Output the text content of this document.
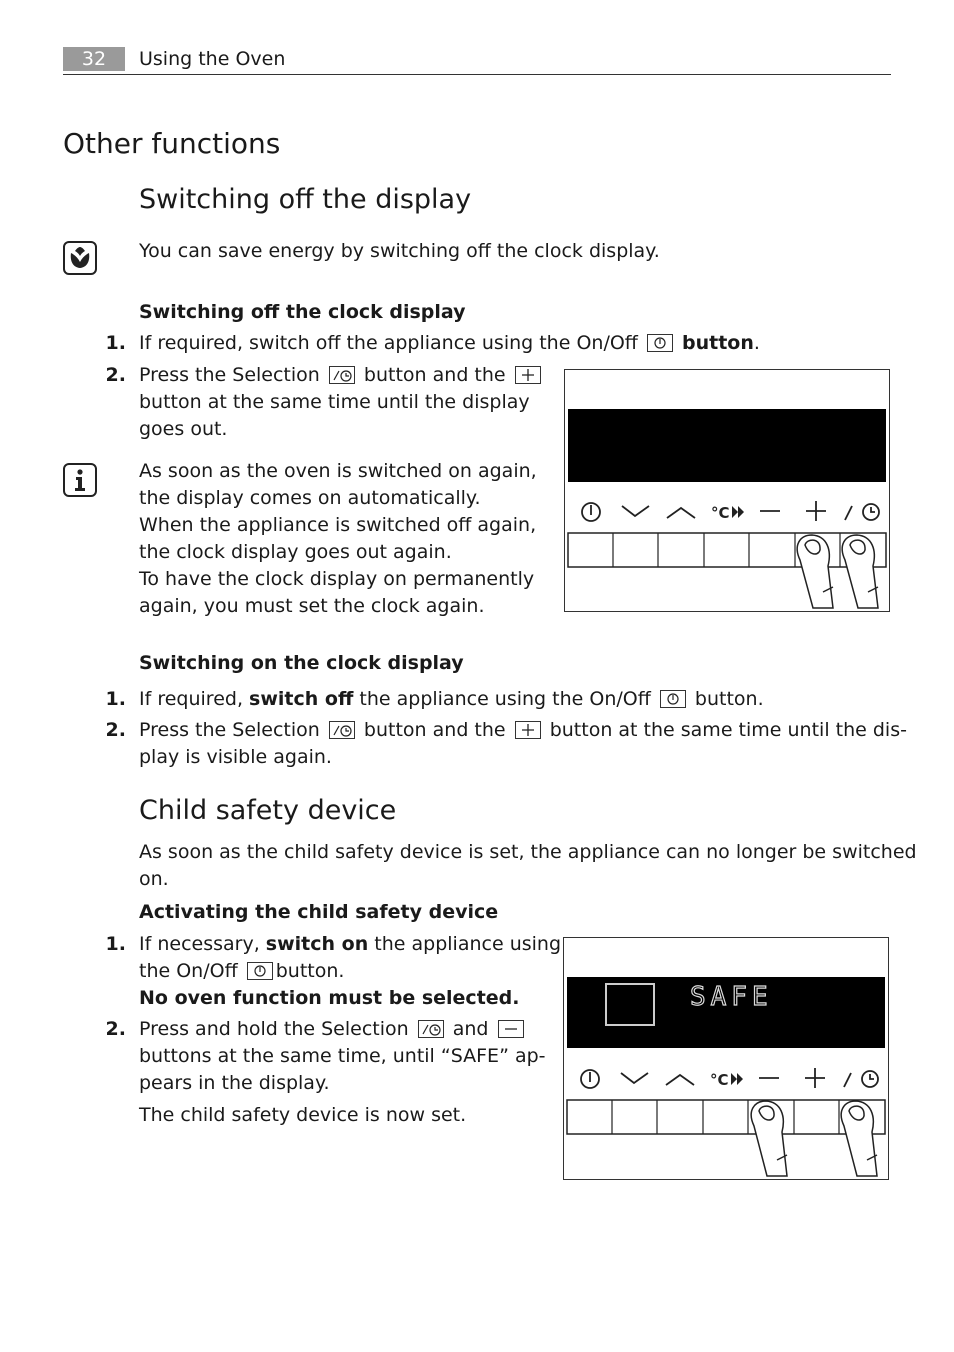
32	Using the Oven
Other functions
Switching off the display
You can save energy by switching off the clock display.
Switching off the clock display
1. If required, switch off the appliance using the On/Off button.
2. Press the Selection button and the
button at the same time until the display
goes out.
As soon as the oven is switched on again,
the display comes on automatically.
When the appliance is switched off again,
the clock display goes out again.
To have the clock display on permanently
again, you must set the clock again.
°C
Switching on the clock display
1. If required, switch off the appliance using the On/Off button.
2. Press the Selection button and the button at the same time until the dis-
play is visible again.
Child safety device
As soon as the child safety device is set, the appliance can no longer be switched
on.
Activating the child safety device
1. If necessary, switch on the appliance using
the On/Off button.
No oven function must be selected.
2. Press and hold the Selection and
buttons at the same time, until “SAFE” ap-
pears in the display.
The child safety device is now set.
SAFE
°C
